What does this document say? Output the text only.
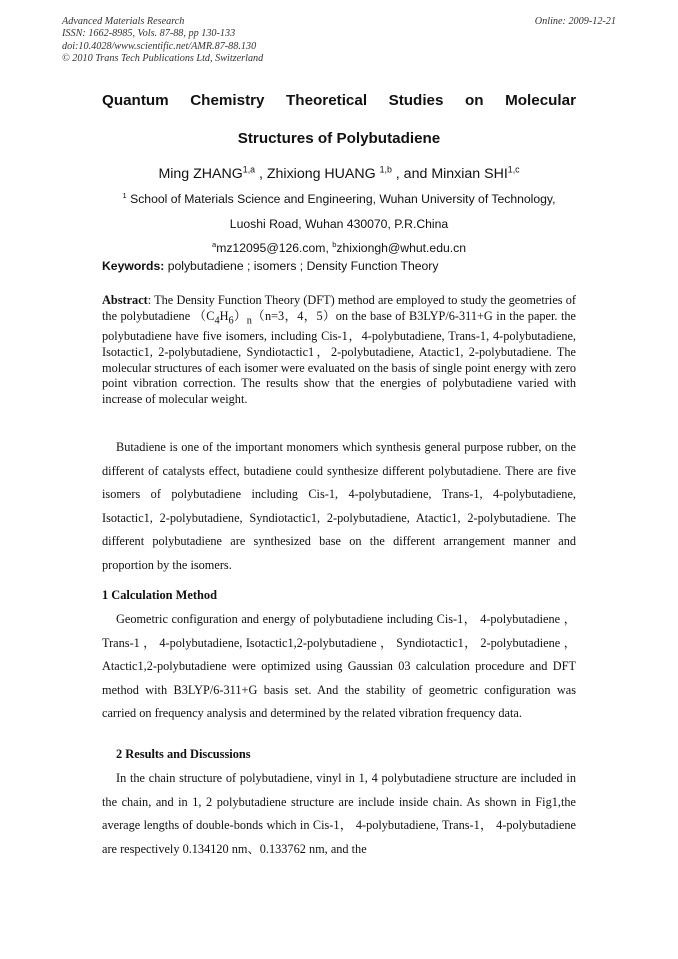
Advanced Materials Research
ISSN: 1662-8985, Vols. 87-88, pp 130-133
doi:10.4028/www.scientific.net/AMR.87-88.130
© 2010 Trans Tech Publications Ltd, Switzerland
Online: 2009-12-21
Quantum Chemistry Theoretical Studies on Molecular
Structures of Polybutadiene
Ming ZHANG$^{1,a}$ , Zhixiong HUANG $^{1,b}$ , and Minxian SHI$^{1,c}$
$^1$ School of Materials Science and Engineering, Wuhan University of Technology,
Luoshi Road, Wuhan 430070, P.R.China
$^a$mz12095@126.com, $^b$zhixiongh@whut.edu.cn
Keywords: polybutadiene ; isomers ; Density Function Theory

Abstract: The Density Function Theory (DFT) method are employed to study the geometries of the polybutadiene $(C_4H_6)_n(n=3$，4，5）on the base of B3LYP/6-311+G in the paper. the polybutadiene have five isomers, including Cis-1，4-polybutadiene, Trans-1, 4-polybutadiene, Isotactic1, 2-polybutadiene, Syndiotactic1，2-polybutadiene, Atactic1, 2-polybutadiene. The molecular structures of each isomer were evaluated on the basis of single point energy with zero point vibration correction. The results show that the energies of polybutadiene varied with increase of molecular weight.

Butadiene is one of the important monomers which synthesis general purpose rubber, on the different of catalysts effect, butadiene could synthesize different polybutadiene. There are five isomers of polybutadiene including Cis-1, 4-polybutadiene, Trans-1, 4-polybutadiene, Isotactic1, 2-polybutadiene, Syndiotactic1, 2-polybutadiene, Atactic1, 2-polybutadiene. The different polybutadiene are synthesized base on the different arrangement manner and proportion by the isomers.

1 Calculation Method

Geometric configuration and energy of polybutadiene including Cis-1， 4-polybutadiene ， Trans-1 ， 4-polybutadiene, Isotactic1,2-polybutadiene ， Syndiotactic1， 2-polybutadiene ，Atactic1,2-polybutadiene were optimized using Gaussian 03 calculation procedure and DFT method with B3LYP/6-311+G basis set. And the stability of geometric configuration was carried on frequency analysis and determined by the related vibration frequency data.

2 Results and Discussions

In the chain structure of polybutadiene, vinyl in 1, 4 polybutadiene structure are included in the chain, and in 1, 2 polybutadiene structure are include inside chain. As shown in Fig1,the average lengths of double-bonds which in Cis-1， 4-polybutadiene, Trans-1， 4-polybutadiene are respectively 0.134120 nm、0.133762 nm, and the
